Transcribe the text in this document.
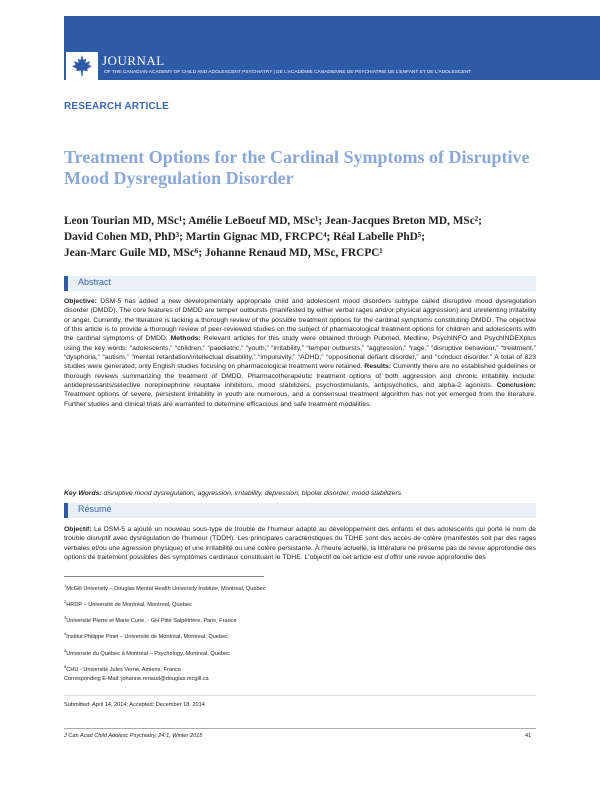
JOURNAL
OF THE CANADIAN ACADEMY OF CHILD AND ADOLESCENT PSYCHIATRY | DE L'ACADÉMIE CANADIENNE DE PSYCHIATRIE DE L'ENFANT ET DE L'ADOLESCENT
RESEARCH ARTICLE
Treatment Options for the Cardinal Symptoms of Disruptive Mood Dysregulation Disorder
Leon Tourian MD, MSc¹; Amélie LeBoeuf MD, MSc¹; Jean-Jacques Breton MD, MSc²;
David Cohen MD, PhD³; Martin Gignac MD, FRCPC⁴; Réal Labelle PhD⁵;
Jean-Marc Guile MD, MSc⁶; Johanne Renaud MD, MSc, FRCPC¹
Abstract
Objective: DSM-5 has added a new developmentally appropriate child and adolescent mood disorders subtype called disruptive mood dysregulation disorder (DMDD). The core features of DMDD are temper outbursts (manifested by either verbal rages and/or physical aggression) and unrelenting irritability or anger. Currently, the literature is lacking a thorough review of the possible treatment options for the cardinal symptoms constituting DMDD. The objective of this article is to provide a thorough review of peer-reviewed studies on the subject of pharmacological treatment options for children and adolescents with the cardinal symptoms of DMDD. Methods: Relevant articles for this study were obtained through Pubmed, Medline, PsychINFO and PsychINDEXplus using the key words: “adolescents,” “children,” “paediatric,” “youth,” “irritability,” “temper outbursts,” “aggression,” “rage,” “disruptive behaviour,” “treatment,” “dysphoria,” “autism,” “mental retardation/intellectual disability,” “impulsivity,” “ADHD,” “oppositional defiant disorder,” and “conduct disorder.” A total of 823 studies were generated; only English studies focusing on pharmacological treatment were retained. Results: Currently there are no established guidelines or thorough reviews summarizing the treatment of DMDD. Pharmacotherapeutic treatment options of both aggression and chronic irritability include: antidepressants/selective norepinephrine reuptake inhibitors, mood stabilizers, psychostimulants, antipsychotics, and alpha-2 agonists. Conclusion: Treatment options of severe, persistent irritability in youth are numerous, and a consensual treatment algorithm has not yet emerged from the literature. Further studies and clinical trials are warranted to determine efficacious and safe treatment modalities.
Key Words: disruptive mood dysregulation, aggression, irritability, depression, bipolar disorder, mood stabilizers
Résumé
Objectif: Le DSM-5 a ajouté un nouveau sous-type de trouble de l'humeur adapté au développement des enfants et des adolescents qui porte le nom de trouble disruptif avec dysrégulation de l'humeur (TDDH). Les principales caractéristiques du TDHE sont des accès de colère (manifestés soit par des rages verbales et/ou une agression physique) et une irritabilité ou une colère persistante. À l'heure actuelle, la littérature ne présente pas de revue approfondie des options de traitement possibles des symptômes cardinaux constituant le TDHE. L'objectif de cet article est d'offrir une revue approfondie des
$^1$McGill University – Douglas Mental Health University Institute, Montreal, Quebec
$^2$HRDP – Université de Montréal, Montreal, Quebec
$^3$Université Pierre et Marie Curie, - GH Pitié Salpêtrière, Paris, France
$^4$Institut Philippe Pinel – Université de Montréal, Montreal, Quebec
$^5$Université du Québec à Montréal – Psychology, Montreal, Quebec
$^6$CHU - Université Jules Verne, Amiens, France
Corresponding E-Mail: johanne.renaud@douglas.mcgill.ca
Submitted: April 14, 2014; Accepted: December 18, 2014
J Can Acad Child Adolesc Psychiatry, 24:1, Winter 2015	41
